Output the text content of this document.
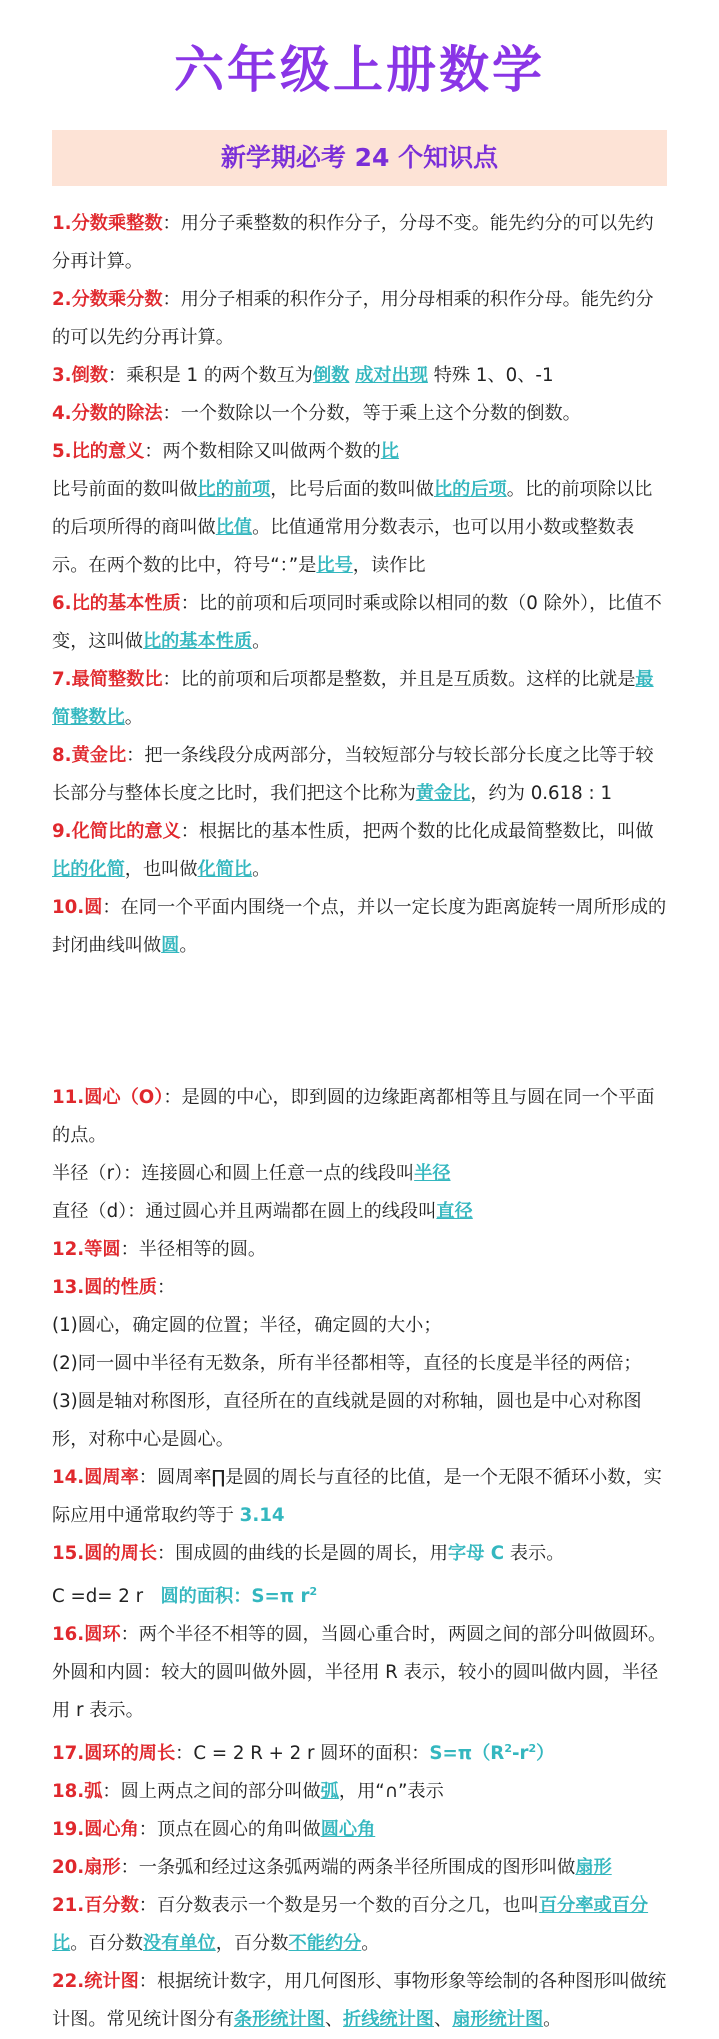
六年级上册数学
新学期必考 24 个知识点

1.分数乘整数：用分子乘整数的积作分子，分母不变。能先约分的可以先约分再计算。

2.分数乘分数：用分子相乘的积作分子，用分母相乘的积作分母。能先约分的可以先约分再计算。

3.倒数：乘积是 1 的两个数互为倒数 成对出现 特殊 1、0、-1

4.分数的除法：一个数除以一个分数，等于乘上这个分数的倒数。

5.比的意义：两个数相除又叫做两个数的比

比号前面的数叫做比的前项，比号后面的数叫做比的后项。比的前项除以比的后项所得的商叫做比值。比值通常用分数表示，也可以用小数或整数表示。在两个数的比中，符号“：”是比号，读作比

6.比的基本性质：比的前项和后项同时乘或除以相同的数（0 除外），比值不变，这叫做比的基本性质。

7.最简整数比：比的前项和后项都是整数，并且是互质数。这样的比就是最简整数比。

8.黄金比：把一条线段分成两部分，当较短部分与较长部分长度之比等于较长部分与整体长度之比时，我们把这个比称为黄金比，约为 0.618 : 1

9.化简比的意义：根据比的基本性质，把两个数的比化成最简整数比，叫做比的化简，也叫做化简比。

10.圆：在同一个平面内围绕一个点，并以一定长度为距离旋转一周所形成的封闭曲线叫做圆。

11.圆心（O）：是圆的中心，即到圆的边缘距离都相等且与圆在同一个平面的点。

半径（r）：连接圆心和圆上任意一点的线段叫半径

直径（d）：通过圆心并且两端都在圆上的线段叫直径

12.等圆：半径相等的圆。

13.圆的性质：

(1)圆心，确定圆的位置；半径，确定圆的大小；

(2)同一圆中半径有无数条，所有半径都相等，直径的长度是半径的两倍；

(3)圆是轴对称图形，直径所在的直线就是圆的对称轴，圆也是中心对称图形，对称中心是圆心。

14.圆周率：圆周率∏是圆的周长与直径的比值，是一个无限不循环小数，实际应用中通常取约等于 3.14

15.圆的周长：围成圆的曲线的长是圆的周长，用字母 C 表示。

C =d= 2 r   圆的面积：S=π $r^2$

16.圆环：两个半径不相等的圆，当圆心重合时，两圆之间的部分叫做圆环。外圆和内圆：较大的圆叫做外圆，半径用 R 表示，较小的圆叫做内圆，半径用 r 表示。

17.圆环的周长：C = 2 R + 2 r 圆环的面积：$S=\pi(R^2-r^2)$

18.弧：圆上两点之间的部分叫做弧，用“∩”表示

19.圆心角：顶点在圆心的角叫做圆心角

20.扇形：一条弧和经过这条弧两端的两条半径所围成的图形叫做扇形

21.百分数：百分数表示一个数是另一个数的百分之几，也叫百分率或百分比。百分数没有单位，百分数不能约分。

22.统计图：根据统计数字，用几何图形、事物形象等绘制的各种图形叫做统计图。常见统计图分有条形统计图、折线统计图、扇形统计图。
